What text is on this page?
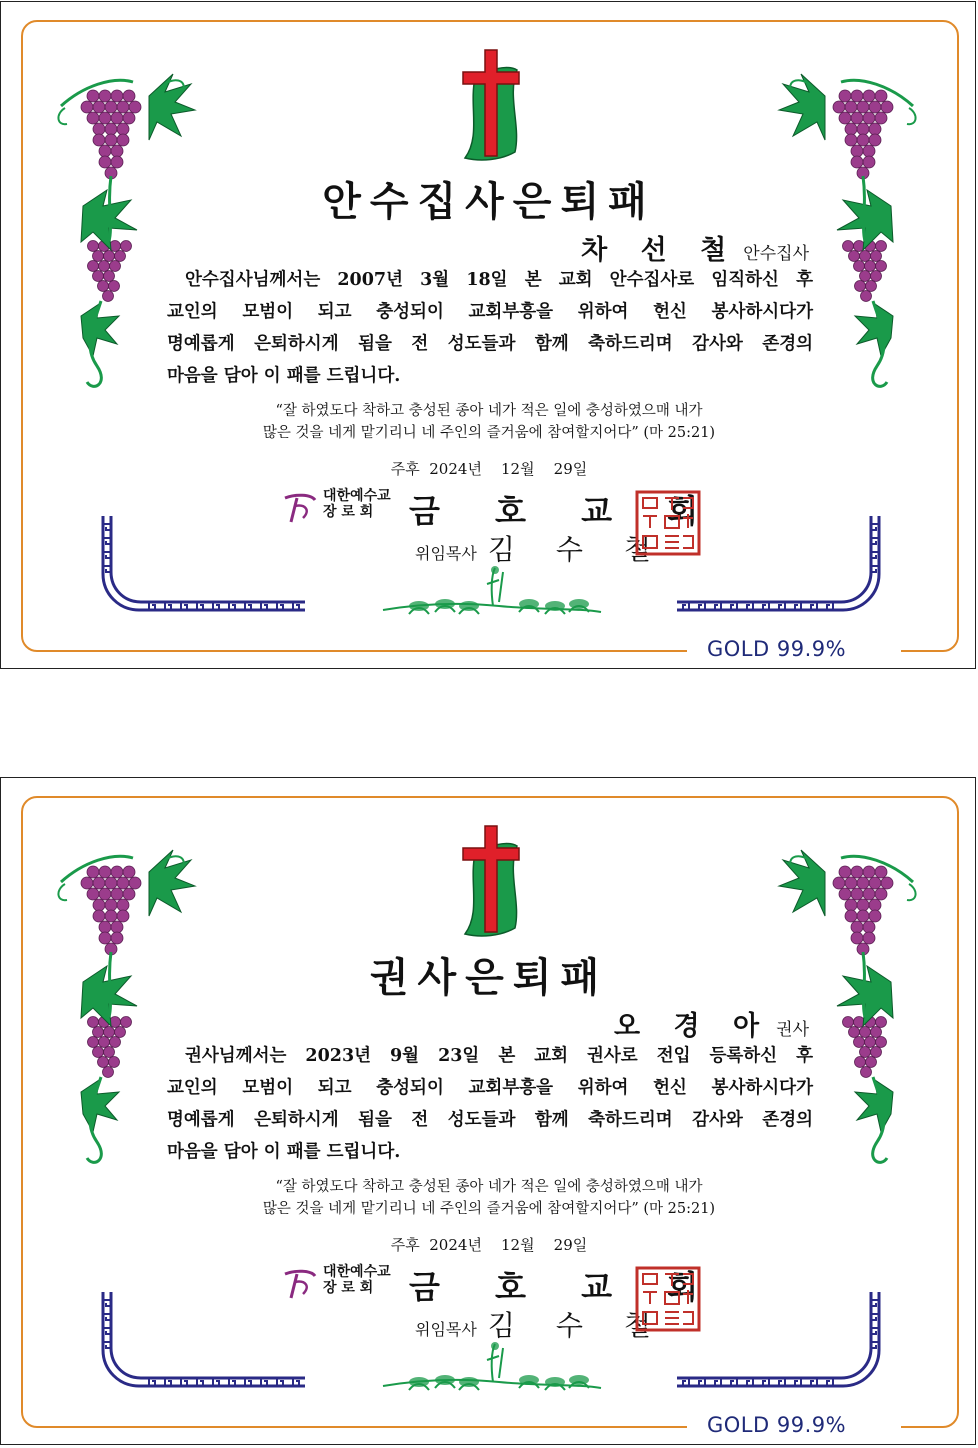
GOLD 99.9%
안수집사은퇴패
차 선 철 안수집사
안수집사님께서는 2007년 3월 18일 본 교회 안수집사로 임직하신 후
교인의 모범이 되고 충성되이 교회부흥을 위하여 헌신 봉사하시다가
명예롭게 은퇴하시게 됨을 전 성도들과 함께 축하드리며 감사와 존경의
마음을 담아 이 패를 드립니다.
“잘 하였도다 착하고 충성된 종아 네가 적은 일에 충성하였으매 내가
많은 것을 네게 맡기리니 네 주인의 즐거움에 참여할지어다” (마 25:21)
주후  2024년    12월    29일
대한예수교
장 로 회	금 호 교 회
위임목사 김 수 철
GOLD 99.9%
권사은퇴패
오 경 아 권사
권사님께서는 2023년 9월 23일 본 교회 권사로 전입 등록하신 후
교인의 모범이 되고 충성되이 교회부흥을 위하여 헌신 봉사하시다가
명예롭게 은퇴하시게 됨을 전 성도들과 함께 축하드리며 감사와 존경의
마음을 담아 이 패를 드립니다.
“잘 하였도다 착하고 충성된 종아 네가 적은 일에 충성하였으매 내가
많은 것을 네게 맡기리니 네 주인의 즐거움에 참여할지어다” (마 25:21)
주후  2024년    12월    29일
대한예수교
장 로 회	금 호 교 회
위임목사 김 수 철
